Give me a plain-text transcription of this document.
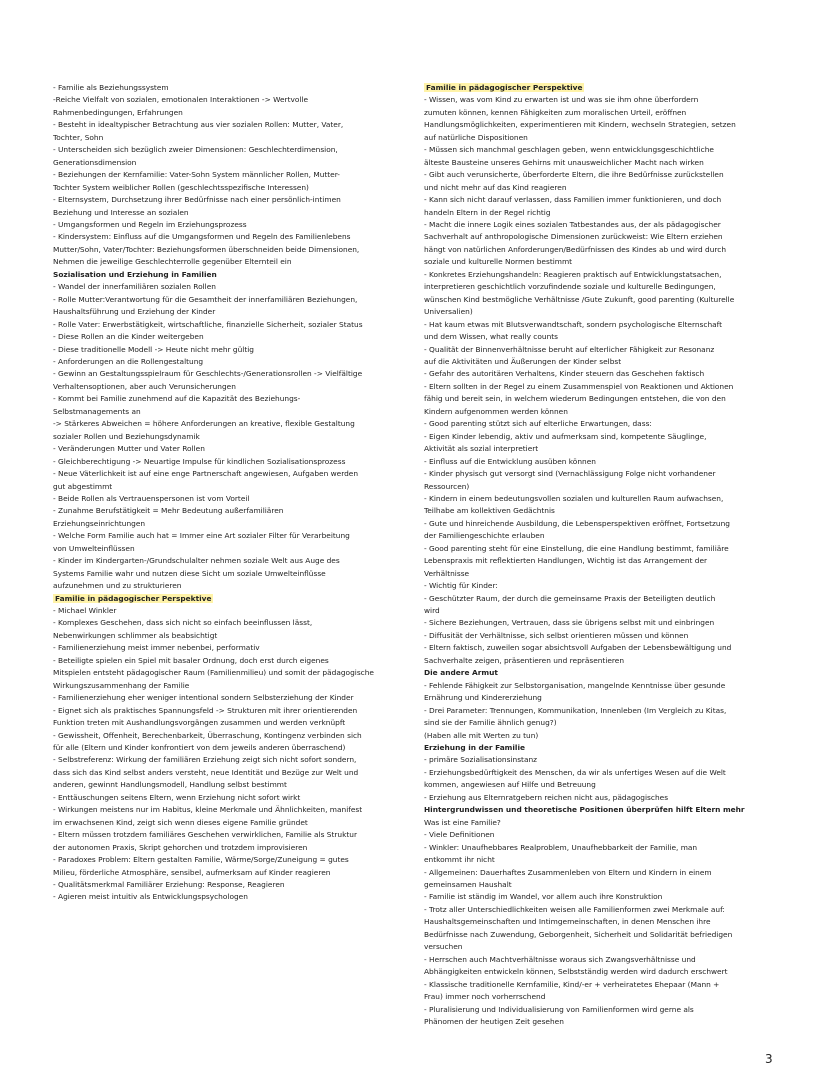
- Familie als Beziehungssystem
-Reiche Vielfalt von sozialen, emotionalen Interaktionen -> Wertvolle
Rahmenbedingungen, Erfahrungen
- Besteht in idealtypischer Betrachtung aus vier sozialen Rollen: Mutter, Vater,
Tochter, Sohn
- Unterscheiden sich bezüglich zweier Dimensionen: Geschlechterdimension,
Generationsdimension
- Beziehungen der Kernfamilie: Vater-Sohn System männlicher Rollen, Mutter-
Tochter System weiblicher Rollen (geschlechtsspezifische Interessen)
- Elternsystem, Durchsetzung ihrer Bedürfnisse nach einer persönlich-intimen
Beziehung und Interesse an sozialen
- Umgangsformen und Regeln im Erziehungsprozess
- Kindersystem: Einfluss auf die Umgangsformen und Regeln des Familienlebens
Mutter/Sohn, Vater/Tochter: Beziehungsformen überschneiden beide Dimensionen,
Nehmen die jeweilige Geschlechterrolle gegenüber Elternteil ein
Sozialisation und Erziehung in Familien
- Wandel der innerfamiliären sozialen Rollen
- Rolle Mutter:Verantwortung für die Gesamtheit der innerfamiliären Beziehungen,
Haushaltsführung und Erziehung der Kinder
- Rolle Vater: Erwerbstätigkeit, wirtschaftliche, finanzielle Sicherheit, sozialer Status
- Diese Rollen an die Kinder weitergeben
- Diese traditionelle Modell -> Heute nicht mehr gültig
- Anforderungen an die Rollengestaltung
- Gewinn an Gestaltungsspielraum für Geschlechts-/Generationsrollen -> Vielfältige
Verhaltensoptionen, aber auch Verunsicherungen
- Kommt bei Familie zunehmend auf die Kapazität des Beziehungs-
Selbstmanagements an
-> Stärkeres Abweichen = höhere Anforderungen an kreative, flexible Gestaltung
sozialer Rollen und Beziehungsdynamik
- Veränderungen Mutter und Vater Rollen
- Gleichberechtigung -> Neuartige Impulse für kindlichen Sozialisationsprozess
- Neue Väterlichkeit ist auf eine enge Partnerschaft angewiesen, Aufgaben werden
gut abgestimmt
- Beide Rollen als Vertrauenspersonen ist vom Vorteil
- Zunahme Berufstätigkeit = Mehr Bedeutung außerfamiliären
Erziehungseinrichtungen
- Welche Form Familie auch hat = Immer eine Art sozialer Filter für Verarbeitung
von Umwelteinflüssen
- Kinder im Kindergarten-/Grundschulalter nehmen soziale Welt aus Auge des
Systems Familie wahr und nutzen diese Sicht um soziale Umwelteinflüsse
aufzunehmen und zu strukturieren
Familie in pädagogischer Perspektive
- Michael Winkler
- Komplexes Geschehen, dass sich nicht so einfach beeinflussen lässt,
Nebenwirkungen schlimmer als beabsichtigt
- Familienerziehung meist immer nebenbei, performativ
- Beteiligte spielen ein Spiel mit basaler Ordnung, doch erst durch eigenes
Mitspielen entsteht pädagogischer Raum (Familienmilieu) und somit der pädagogische
Wirkungszusammenhang der Familie
- Familienerziehung eher weniger intentional sondern Selbsterziehung der Kinder
- Eignet sich als praktisches Spannungsfeld -> Strukturen mit ihrer orientierenden
Funktion treten mit Aushandlungsvorgängen zusammen und werden verknüpft
- Gewissheit, Offenheit, Berechenbarkeit, Überraschung, Kontingenz verbinden sich
für alle (Eltern und Kinder konfrontiert von dem jeweils anderen überraschend)
- Selbstreferenz: Wirkung der familiären Erziehung zeigt sich nicht sofort sondern,
dass sich das Kind selbst anders versteht, neue Identität und Bezüge zur Welt und
anderen, gewinnt Handlungsmodell, Handlung selbst bestimmt
- Enttäuschungen seitens Eltern, wenn Erziehung nicht sofort wirkt
- Wirkungen meistens nur im Habitus, kleine Merkmale und Ähnlichkeiten, manifest
im erwachsenen Kind, zeigt sich wenn dieses eigene Familie gründet
- Eltern müssen trotzdem familiäres Geschehen verwirklichen, Familie als Struktur
der autonomen Praxis, Skript gehorchen und trotzdem improvisieren
- Paradoxes Problem: Eltern gestalten Familie, Wärme/Sorge/Zuneigung = gutes
Milieu, förderliche Atmosphäre, sensibel, aufmerksam auf Kinder reagieren
- Qualitätsmerkmal Familiärer Erziehung: Response, Reagieren
- Agieren meist intuitiv als Entwicklungspsychologen
Familie in pädagogischer Perspektive
- Wissen, was vom Kind zu erwarten ist und was sie ihm ohne überfordern
zumuten können, kennen Fähigkeiten zum moralischen Urteil, eröffnen
Handlungsmöglichkeiten, experimentieren mit Kindern, wechseln Strategien, setzen
auf natürliche Dispositionen
- Müssen sich manchmal geschlagen geben, wenn entwicklungsgeschichtliche
älteste Bausteine unseres Gehirns mit unausweichlicher Macht nach wirken
- Gibt auch verunsicherte, überforderte Eltern, die ihre Bedürfnisse zurückstellen
und nicht mehr auf das Kind reagieren
- Kann sich nicht darauf verlassen, dass Familien immer funktionieren, und doch
handeln Eltern in der Regel richtig
- Macht die innere Logik eines sozialen Tatbestandes aus, der als pädagogischer
Sachverhalt auf anthropologische Dimensionen zurückweist: Wie Eltern erziehen
hängt von natürlichen Anforderungen/Bedürfnissen des Kindes ab und wird durch
soziale und kulturelle Normen bestimmt
- Konkretes Erziehungshandeln: Reagieren praktisch auf Entwicklungstatsachen,
interpretieren geschichtlich vorzufindende soziale und kulturelle Bedingungen,
wünschen Kind bestmögliche Verhältnisse /Gute Zukunft, good parenting (Kulturelle
Universalien)
- Hat kaum etwas mit Blutsverwandtschaft, sondern psychologische Elternschaft
und dem Wissen, what really counts
- Qualität der Binnenverhältnisse beruht auf elterlicher Fähigkeit zur Resonanz
auf die Aktivitäten und Äußerungen der Kinder selbst
- Gefahr des autoritären Verhaltens, Kinder steuern das Geschehen faktisch
- Eltern sollten in der Regel zu einem Zusammenspiel von Reaktionen und Aktionen
fähig und bereit sein, in welchem wiederum Bedingungen entstehen, die von den
Kindern aufgenommen werden können
- Good parenting stützt sich auf elterliche Erwartungen, dass:
- Eigen Kinder lebendig, aktiv und aufmerksam sind, kompetente Säuglinge,
Aktivität als sozial interpretiert
- Einfluss auf die Entwicklung ausüben können
- Kinder physisch gut versorgt sind (Vernachlässigung Folge nicht vorhandener
Ressourcen)
- Kindern in einem bedeutungsvollen sozialen und kulturellen Raum aufwachsen,
Teilhabe am kollektiven Gedächtnis
- Gute und hinreichende Ausbildung, die Lebensperspektiven eröffnet, Fortsetzung
der Familiengeschichte erlauben
- Good parenting steht für eine Einstellung, die eine Handlung bestimmt, familiäre
Lebenspraxis mit reflektierten Handlungen, Wichtig ist das Arrangement der
Verhältnisse
- Wichtig für Kinder:
- Geschützter Raum, der durch die gemeinsame Praxis der Beteiligten deutlich
wird
- Sichere Beziehungen, Vertrauen, dass sie übrigens selbst mit und einbringen
- Diffusität der Verhältnisse, sich selbst orientieren müssen und können
- Eltern faktisch, zuweilen sogar absichtsvoll Aufgaben der Lebensbewältigung und
Sachverhalte zeigen, präsentieren und repräsentieren
Die andere Armut
- Fehlende Fähigkeit zur Selbstorganisation, mangelnde Kenntnisse über gesunde
Ernährung und Kindererziehung
- Drei Parameter: Trennungen, Kommunikation, Innenleben (Im Vergleich zu Kitas,
sind sie der Familie ähnlich genug?)
(Haben alle mit Werten zu tun)
Erziehung in der Familie
- primäre Sozialisationsinstanz
- Erziehungsbedürftigkeit des Menschen, da wir als unfertiges Wesen auf die Welt
kommen, angewiesen auf Hilfe und Betreuung
- Erziehung aus Elternratgebern reichen nicht aus, pädagogisches
Hintergrundwissen und theoretische Positionen überprüfen hilft Eltern mehr
Was ist eine Familie?
- Viele Definitionen
- Winkler: Unaufhebbares Realproblem, Unaufhebbarkeit der Familie, man
entkommt ihr nicht
- Allgemeinen: Dauerhaftes Zusammenleben von Eltern und Kindern in einem
gemeinsamen Haushalt
- Familie ist ständig im Wandel, vor allem auch ihre Konstruktion
- Trotz aller Unterschiedlichkeiten weisen alle Familienformen zwei Merkmale auf:
Haushaltsgemeinschaften und Intimgemeinschaften, in denen Menschen ihre
Bedürfnisse nach Zuwendung, Geborgenheit, Sicherheit und Solidarität befriedigen
versuchen
- Herrschen auch Machtverhältnisse woraus sich Zwangsverhältnisse und
Abhängigkeiten entwickeln können, Selbstständig werden wird dadurch erschwert
- Klassische traditionelle Kernfamilie, Kind/-er + verheiratetes Ehepaar (Mann +
Frau) immer noch vorherrschend
- Pluralisierung und Individualisierung von Familienformen wird gerne als
Phänomen der heutigen Zeit gesehen
3
